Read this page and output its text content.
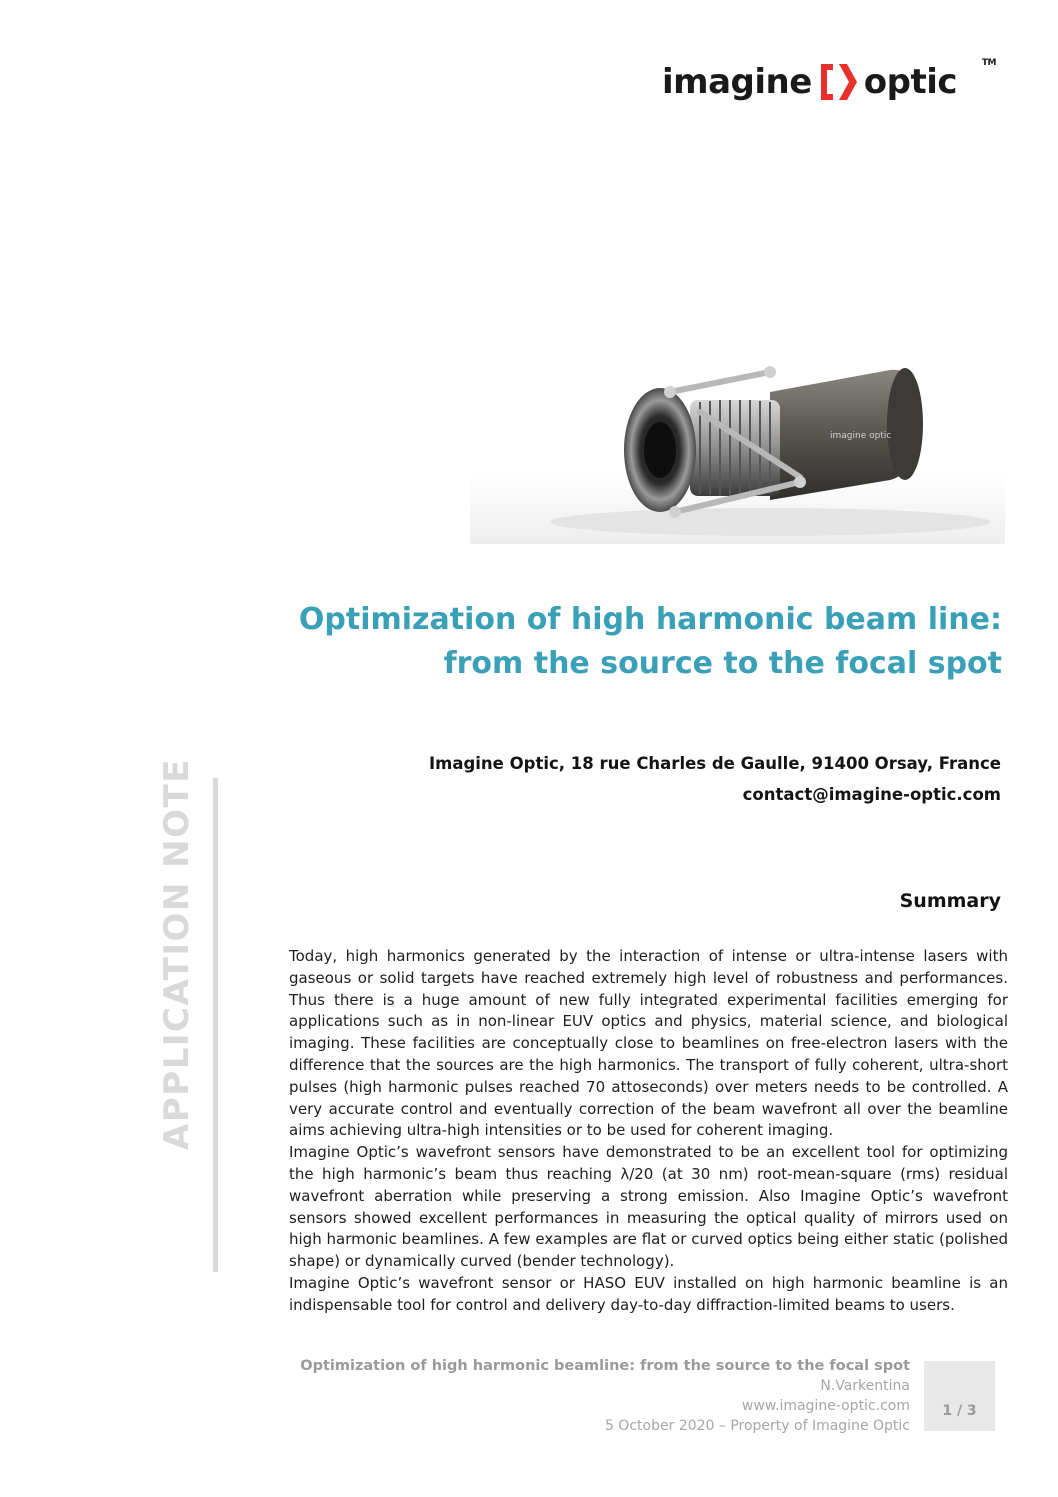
imagine optic	TM
imagine optic
Optimization of high harmonic beam line:
from the source to the focal spot
Imagine Optic, 18 rue Charles de Gaulle, 91400 Orsay, France
contact@imagine-optic.com
APPLICATION NOTE	Summary

Today, high harmonics generated by the interaction of intense or ultra-intense lasers with gaseous or solid targets have reached extremely high level of robustness and performances. Thus there is a huge amount of new fully integrated experimental facilities emerging for applications such as in non-linear EUV optics and physics, material science, and biological imaging. These facilities are conceptually close to beamlines on free-electron lasers with the difference that the sources are the high harmonics. The transport of fully coherent, ultra-short pulses (high harmonic pulses reached 70 attoseconds) over meters needs to be controlled. A very accurate control and eventually correction of the beam wavefront all over the beamline aims achieving ultra-high intensities or to be used for coherent imaging.

Imagine Optic’s wavefront sensors have demonstrated to be an excellent tool for optimizing the high harmonic’s beam thus reaching λ/20 (at 30 nm) root-mean-square (rms) residual wavefront aberration while preserving a strong emission. Also Imagine Optic’s wavefront sensors showed excellent performances in measuring the optical quality of mirrors used on high harmonic beamlines. A few examples are flat or curved optics being either static (polished shape) or dynamically curved (bender technology).

Imagine Optic’s wavefront sensor or HASO EUV installed on high harmonic beamline is an indispensable tool for control and delivery day-to-day diffraction-limited beams to users.

Optimization of high harmonic beamline: from the source to the focal spot
N.Varkentina
www.imagine-optic.com
5 October 2020 – Property of Imagine Optic
1 / 3
